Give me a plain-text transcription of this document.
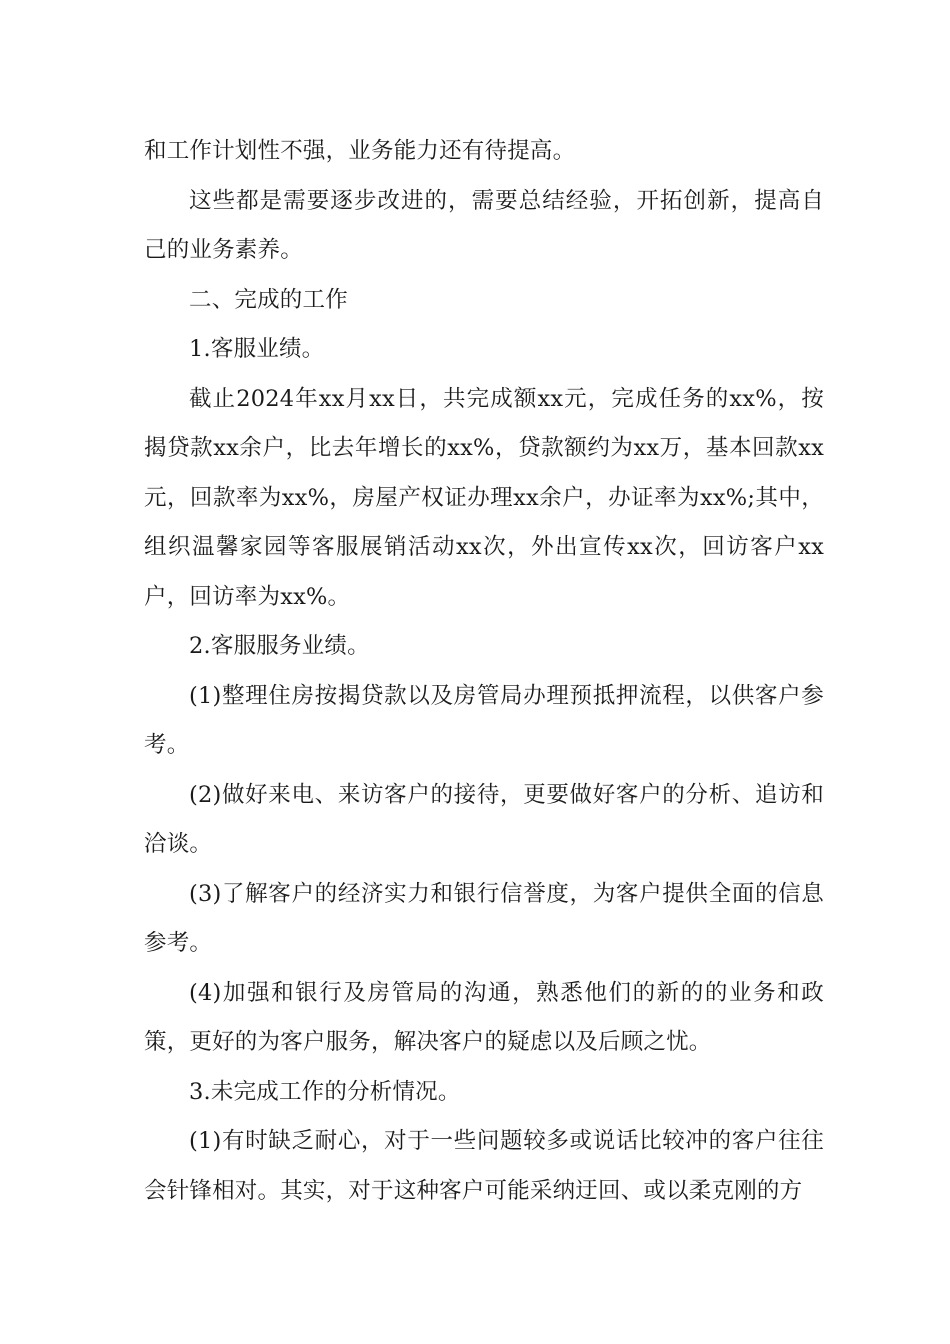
和工作计划性不强，业务能力还有待提高。

这些都是需要逐步改进的，需要总结经验，开拓创新，提高自己的业务素养。

二、完成的工作

1.客服业绩。

截止2024年xx月xx日，共完成额xx元，完成任务的xx%，按揭贷款xx余户，比去年增长的xx%，贷款额约为xx万，基本回款xx元，回款率为xx%，房屋产权证办理xx余户，办证率为xx%;其中，组织温馨家园等客服展销活动xx次，外出宣传xx次，回访客户xx户，回访率为xx%。

2.客服服务业绩。

(1)整理住房按揭贷款以及房管局办理预抵押流程，以供客户参考。

(2)做好来电、来访客户的接待，更要做好客户的分析、追访和洽谈。

(3)了解客户的经济实力和银行信誉度，为客户提供全面的信息参考。

(4)加强和银行及房管局的沟通，熟悉他们的新的的业务和政策，更好的为客户服务，解决客户的疑虑以及后顾之忧。

3.未完成工作的分析情况。

(1)有时缺乏耐心，对于一些问题较多或说话比较冲的客户往往会针锋相对。其实，对于这种客户可能采纳迂回、或以柔克刚的方
